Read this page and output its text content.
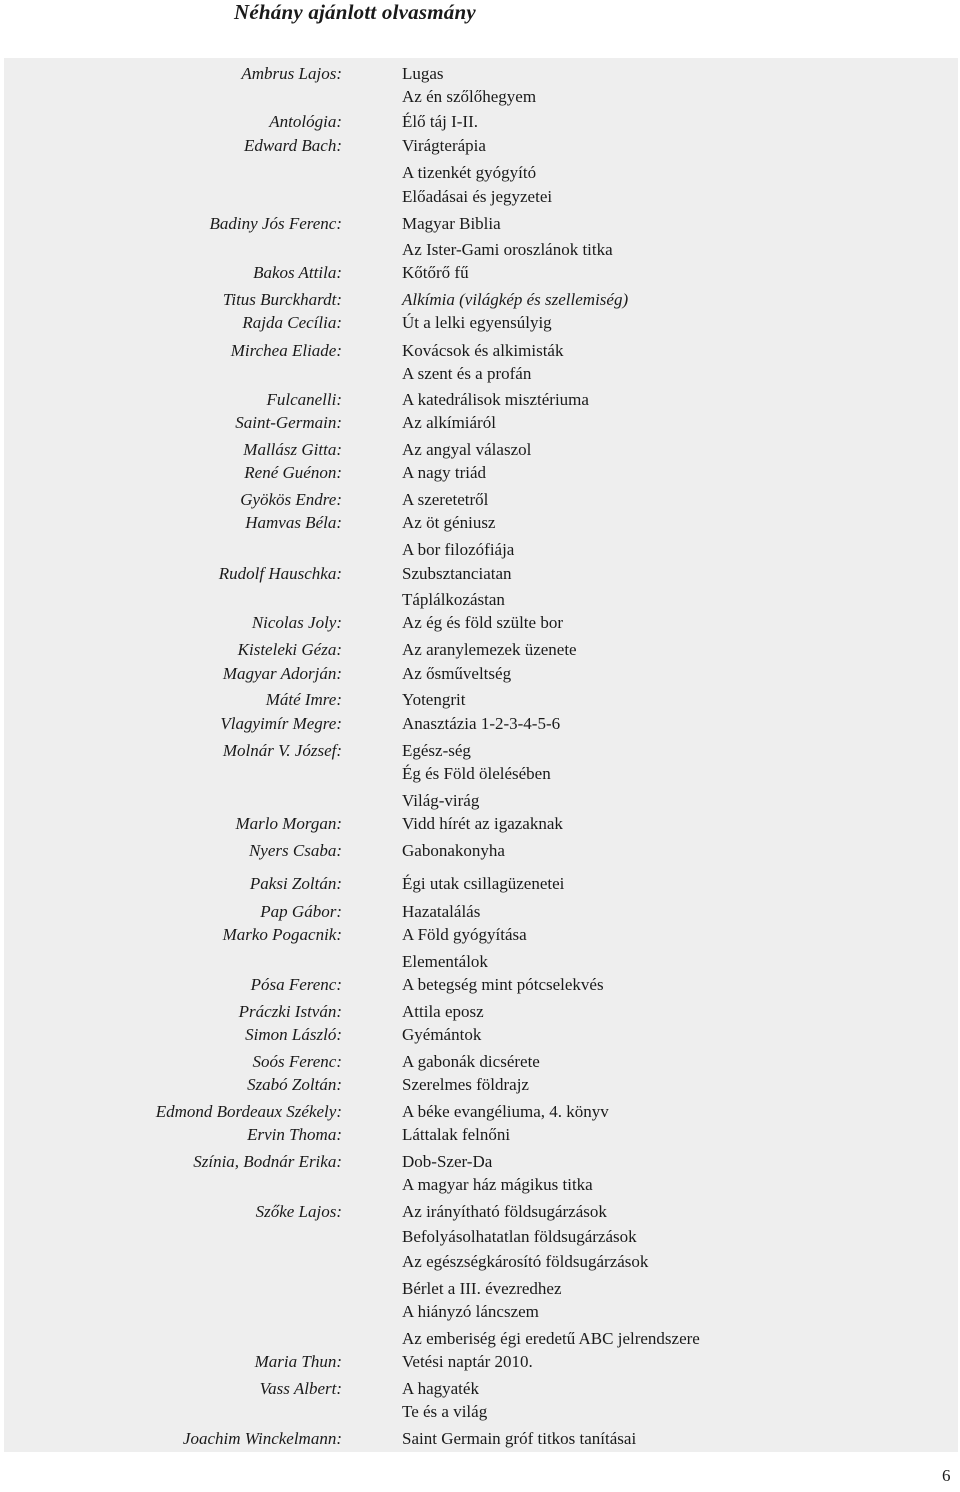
Néhány ajánlott olvasmány
Ambrus Lajos:
Antológia:
Edward Bach:
Badiny Jós Ferenc:
Bakos Attila:
Titus Burckhardt:
Rajda Cecília:
Mirchea Eliade:
Fulcanelli:
Saint-Germain:
Mallász Gitta:
René Guénon:
Gyökös Endre:
Hamvas Béla:
Rudolf Hauschka:
Nicolas Joly:
Kisteleki Géza:
Magyar Adorján:
Máté Imre:
Vlagyimír Megre:
Molnár V. József:
Marlo Morgan:
Nyers Csaba:
Paksi Zoltán:
Pap Gábor:
Marko Pogacnik:
Pósa Ferenc:
Práczki István:
Simon László:
Soós Ferenc:
Szabó Zoltán:
Edmond Bordeaux Székely:
Ervin Thoma:
Színia, Bodnár Erika:
Szőke Lajos:
Maria Thun:
Vass Albert:
Joachim Winckelmann:
Lugas
Az én szőlőhegyem
Élő táj I-II.
Virágterápia
A tizenkét gyógyító
Előadásai és jegyzetei
Magyar Biblia
Az Ister-Gami oroszlánok titka
Kőtőrő fű
Alkímia (világkép és szellemiség)
Út a lelki egyensúlyig
Kovácsok és alkimisták
A szent és a profán
A katedrálisok misztériuma
Az alkímiáról
Az angyal válaszol
A nagy triád
A szeretetről
Az öt géniusz
A bor filozófiája
Szubsztanciatan
Táplálkozástan
Az ég és föld szülte bor
Az aranylemezek üzenete
Az ősműveltség
Yotengrit
Anasztázia 1-2-3-4-5-6
Egész-ség
Ég és Föld ölelésében
Világ-virág
Vidd hírét az igazaknak
Gabonakonyha
Égi utak csillagüzenetei
Hazatalálás
A Föld gyógyítása
Elementálok
A betegség mint pótcselekvés
Attila eposz
Gyémántok
A gabonák dicsérete
Szerelmes földrajz
A béke evangéliuma, 4. könyv
Láttalak felnőni
Dob-Szer-Da
A magyar ház mágikus titka
Az irányítható földsugárzások
Befolyásolhatatlan földsugárzások
Az egészségkárosító földsugárzások
Bérlet a III. évezredhez
A hiányzó láncszem
Az emberiség égi eredetű ABC jelrendszere
Vetési naptár 2010.
A hagyaték
Te és a világ
Saint Germain gróf titkos tanításai
6
